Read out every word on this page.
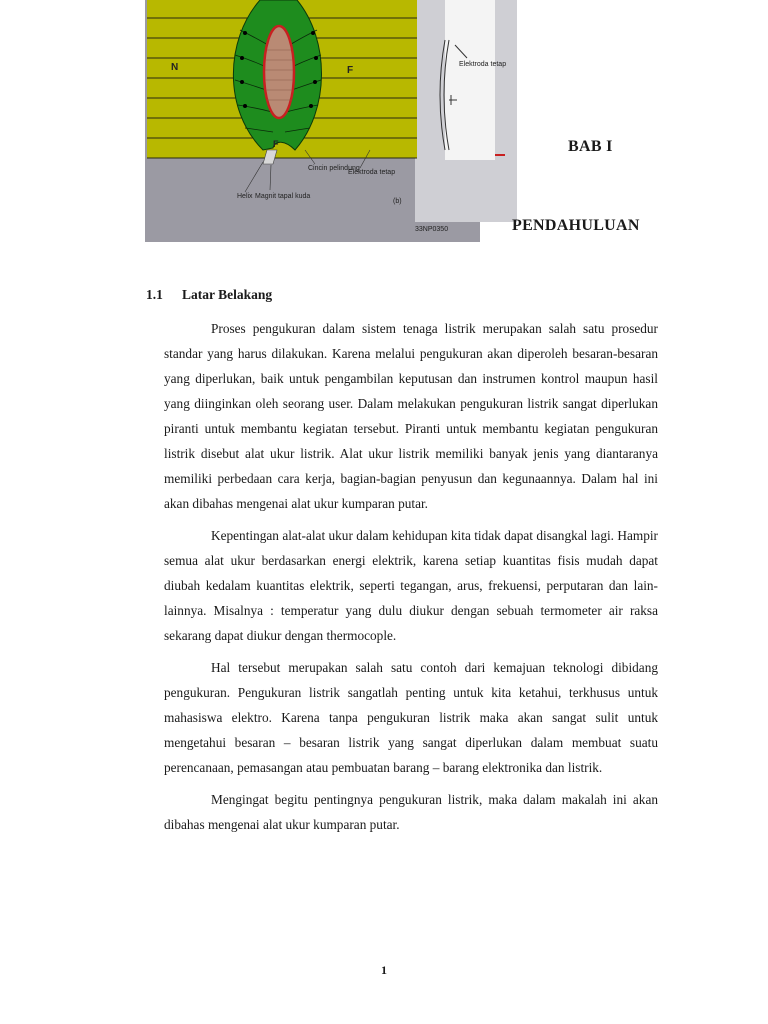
N	F
F
Elektroda tetap
Cincin pelindung
Elektroda tetap
Helix Magnit tapal kuda
(b)
33NP0350
BAB I
PENDAHULUAN
1.1 Latar Belakang

Proses pengukuran dalam sistem tenaga listrik merupakan salah satu prosedur standar yang harus dilakukan. Karena melalui pengukuran akan diperoleh besaran-besaran yang diperlukan, baik untuk pengambilan keputusan dan instrumen kontrol maupun hasil yang diinginkan oleh seorang user. Dalam melakukan pengukuran listrik sangat diperlukan piranti untuk membantu kegiatan tersebut. Piranti untuk membantu kegiatan pengukuran listrik disebut alat ukur listrik. Alat ukur listrik memiliki banyak jenis yang diantaranya memiliki perbedaan cara kerja, bagian-bagian penyusun dan kegunaannya. Dalam hal ini akan dibahas mengenai alat ukur kumparan putar.

Kepentingan alat-alat ukur dalam kehidupan kita tidak dapat disangkal lagi. Hampir semua alat ukur berdasarkan energi elektrik, karena setiap kuantitas fisis mudah dapat diubah kedalam kuantitas elektrik, seperti tegangan, arus, frekuensi, perputaran dan lain-lainnya. Misalnya : temperatur yang dulu diukur dengan sebuah termometer air raksa sekarang dapat diukur dengan thermocople.

Hal tersebut merupakan salah satu contoh dari kemajuan teknologi dibidang pengukuran. Pengukuran listrik sangatlah penting untuk kita ketahui, terkhusus untuk mahasiswa elektro. Karena tanpa pengukuran listrik maka akan sangat sulit untuk mengetahui besaran – besaran listrik yang sangat diperlukan dalam membuat suatu perencanaan, pemasangan atau pembuatan barang – barang elektronika dan listrik.

Mengingat begitu pentingnya pengukuran listrik, maka dalam makalah ini akan dibahas mengenai alat ukur kumparan putar.

1
